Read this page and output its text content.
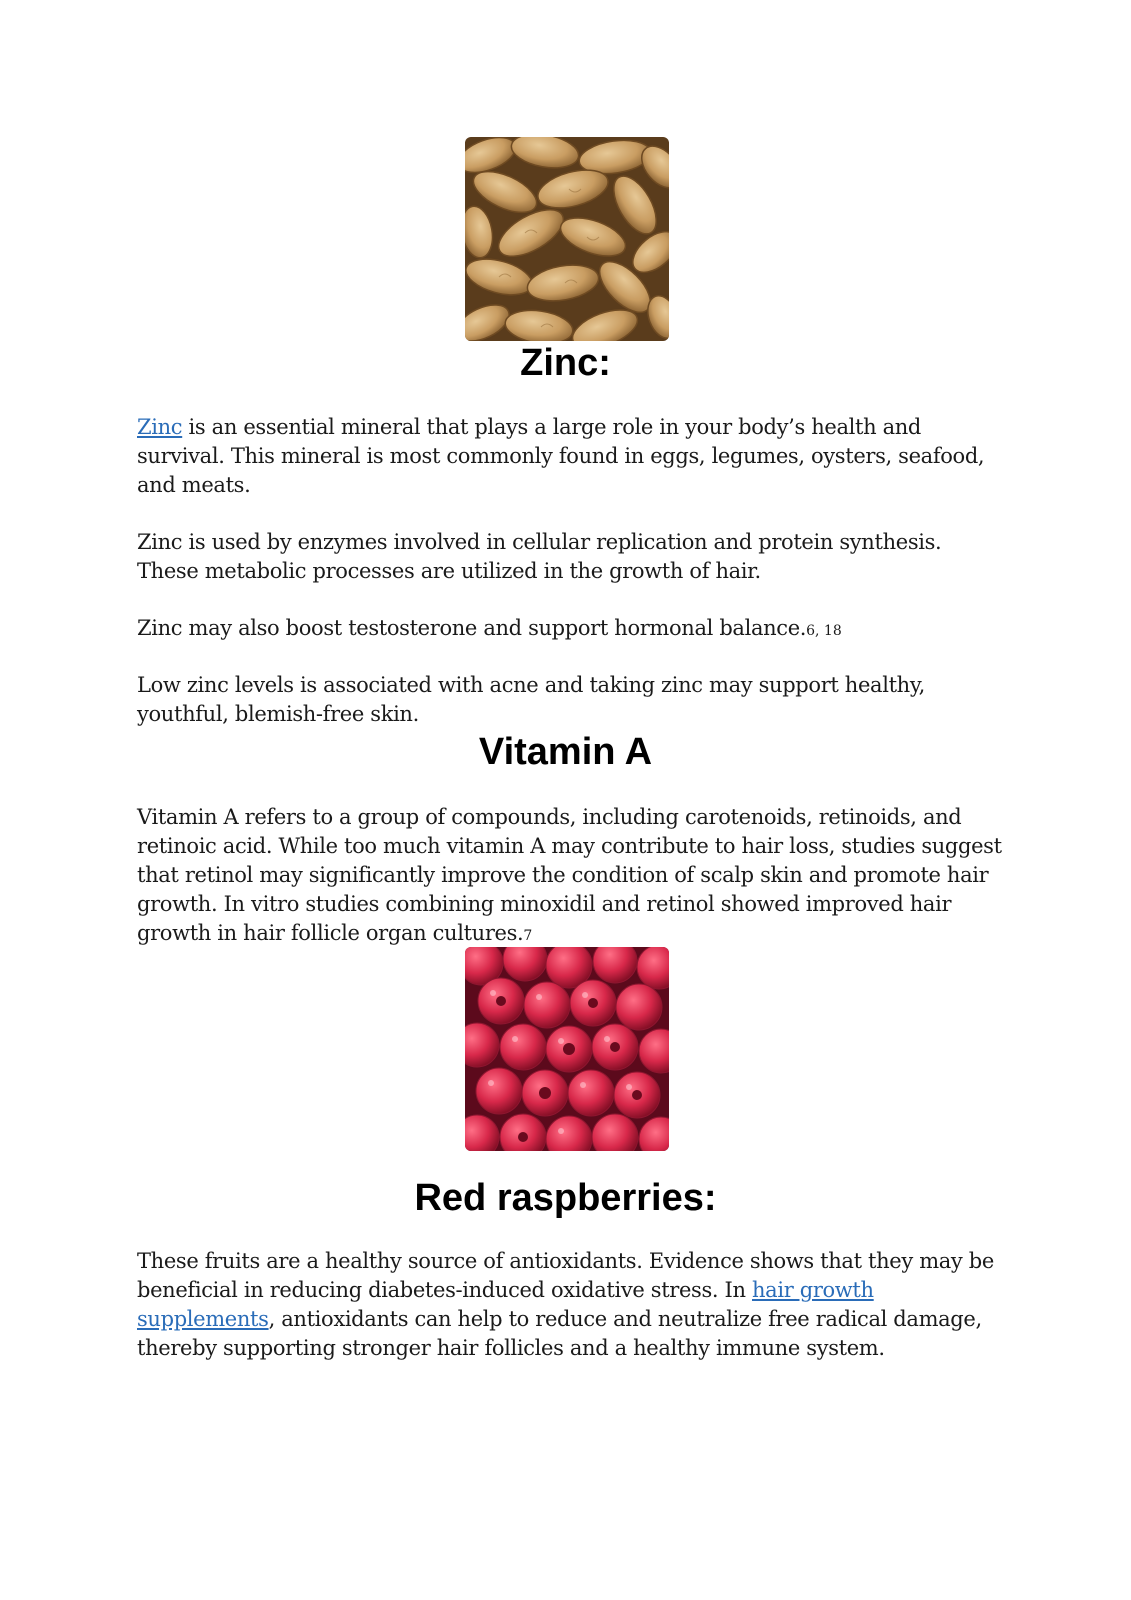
Zinc:

Zinc is an essential mineral that plays a large role in your body’s health and survival. This mineral is most commonly found in eggs, legumes, oysters, seafood, and meats.

Zinc is used by enzymes involved in cellular replication and protein synthesis. These metabolic processes are utilized in the growth of hair.

Zinc may also boost testosterone and support hormonal balance.6, 18

Low zinc levels is associated with acne and taking zinc may support healthy, youthful, blemish-free skin.

Vitamin A

Vitamin A refers to a group of compounds, including carotenoids, retinoids, and retinoic acid. While too much vitamin A may contribute to hair loss, studies suggest that retinol may significantly improve the condition of scalp skin and promote hair growth. In vitro studies combining minoxidil and retinol showed improved hair growth in hair follicle organ cultures.7

Red raspberries:

These fruits are a healthy source of antioxidants. Evidence shows that they may be beneficial in reducing diabetes-induced oxidative stress. In hair growth supplements, antioxidants can help to reduce and neutralize free radical damage, thereby supporting stronger hair follicles and a healthy immune system.
